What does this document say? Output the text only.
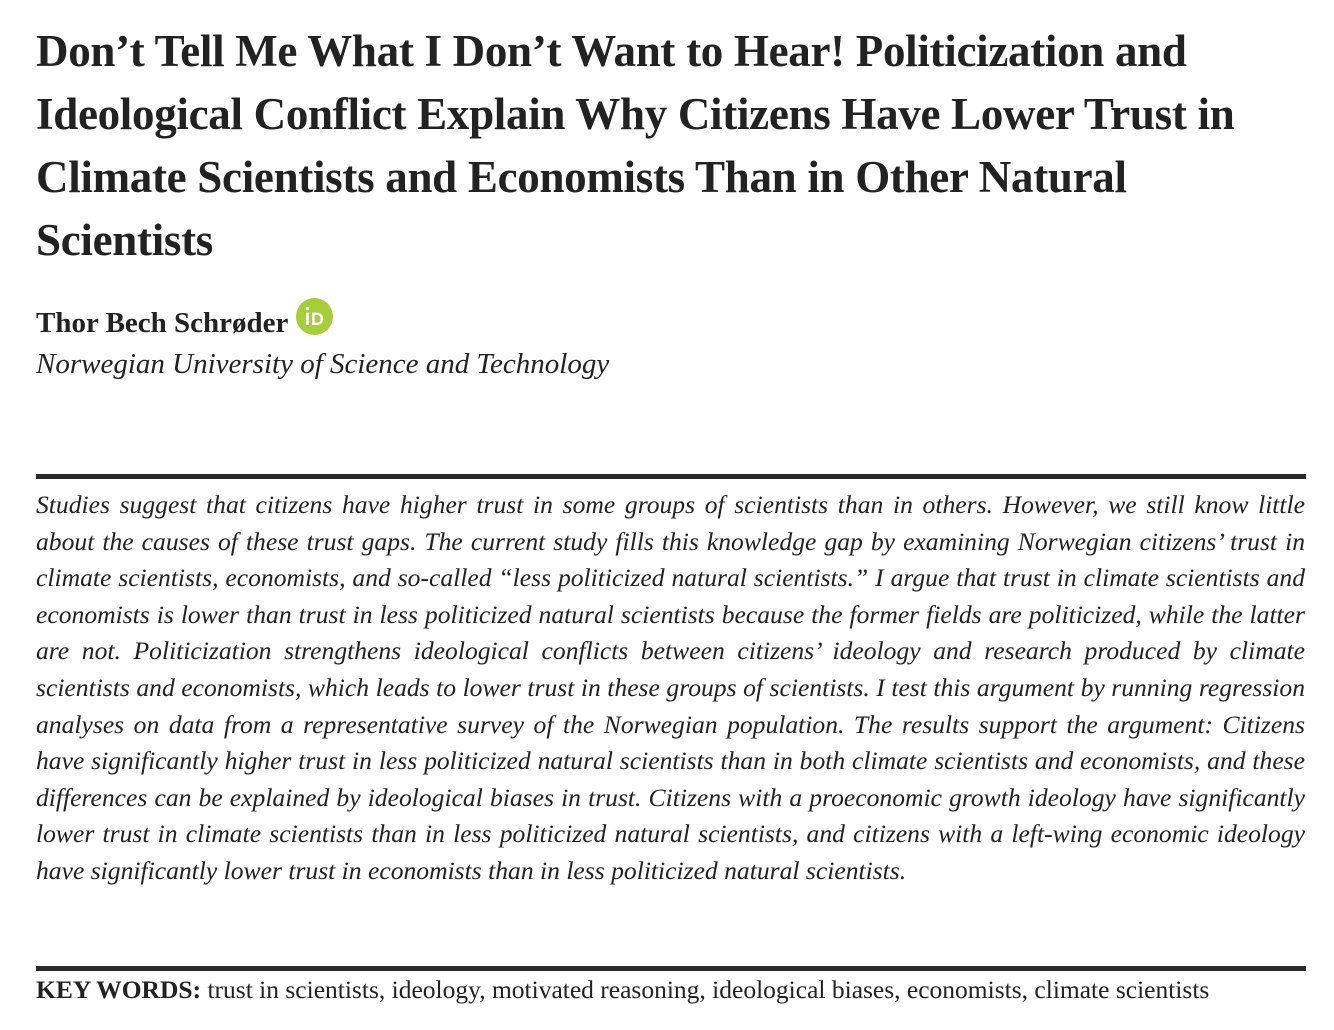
Don’t Tell Me What I Don’t Want to Hear! Politicization and Ideological Conflict Explain Why Citizens Have Lower Trust in Climate Scientists and Economists Than in Other Natural Scientists
Thor Bech Schrøder
Norwegian University of Science and Technology

Studies suggest that citizens have higher trust in some groups of scientists than in others. However, we still know little about the causes of these trust gaps. The current study fills this knowledge gap by examining Norwegian citizens’ trust in climate scientists, economists, and so-called “less politicized natural scientists.” I argue that trust in climate scientists and economists is lower than trust in less politicized natural scientists because the former fields are politicized, while the latter are not. Politicization strengthens ideological conflicts between citizens’ ideology and research produced by climate scientists and economists, which leads to lower trust in these groups of scientists. I test this argument by running regression analyses on data from a representative survey of the Norwegian population. The results support the argument: Citizens have significantly higher trust in less politicized natural scientists than in both climate scientists and economists, and these differences can be explained by ideological biases in trust. Citizens with a proeconomic growth ideology have significantly lower trust in climate scientists than in less politicized natural scientists, and citizens with a left-wing economic ideology have significantly lower trust in economists than in less politicized natural scientists.

KEY WORDS: trust in scientists, ideology, motivated reasoning, ideological biases, economists, climate scientists
